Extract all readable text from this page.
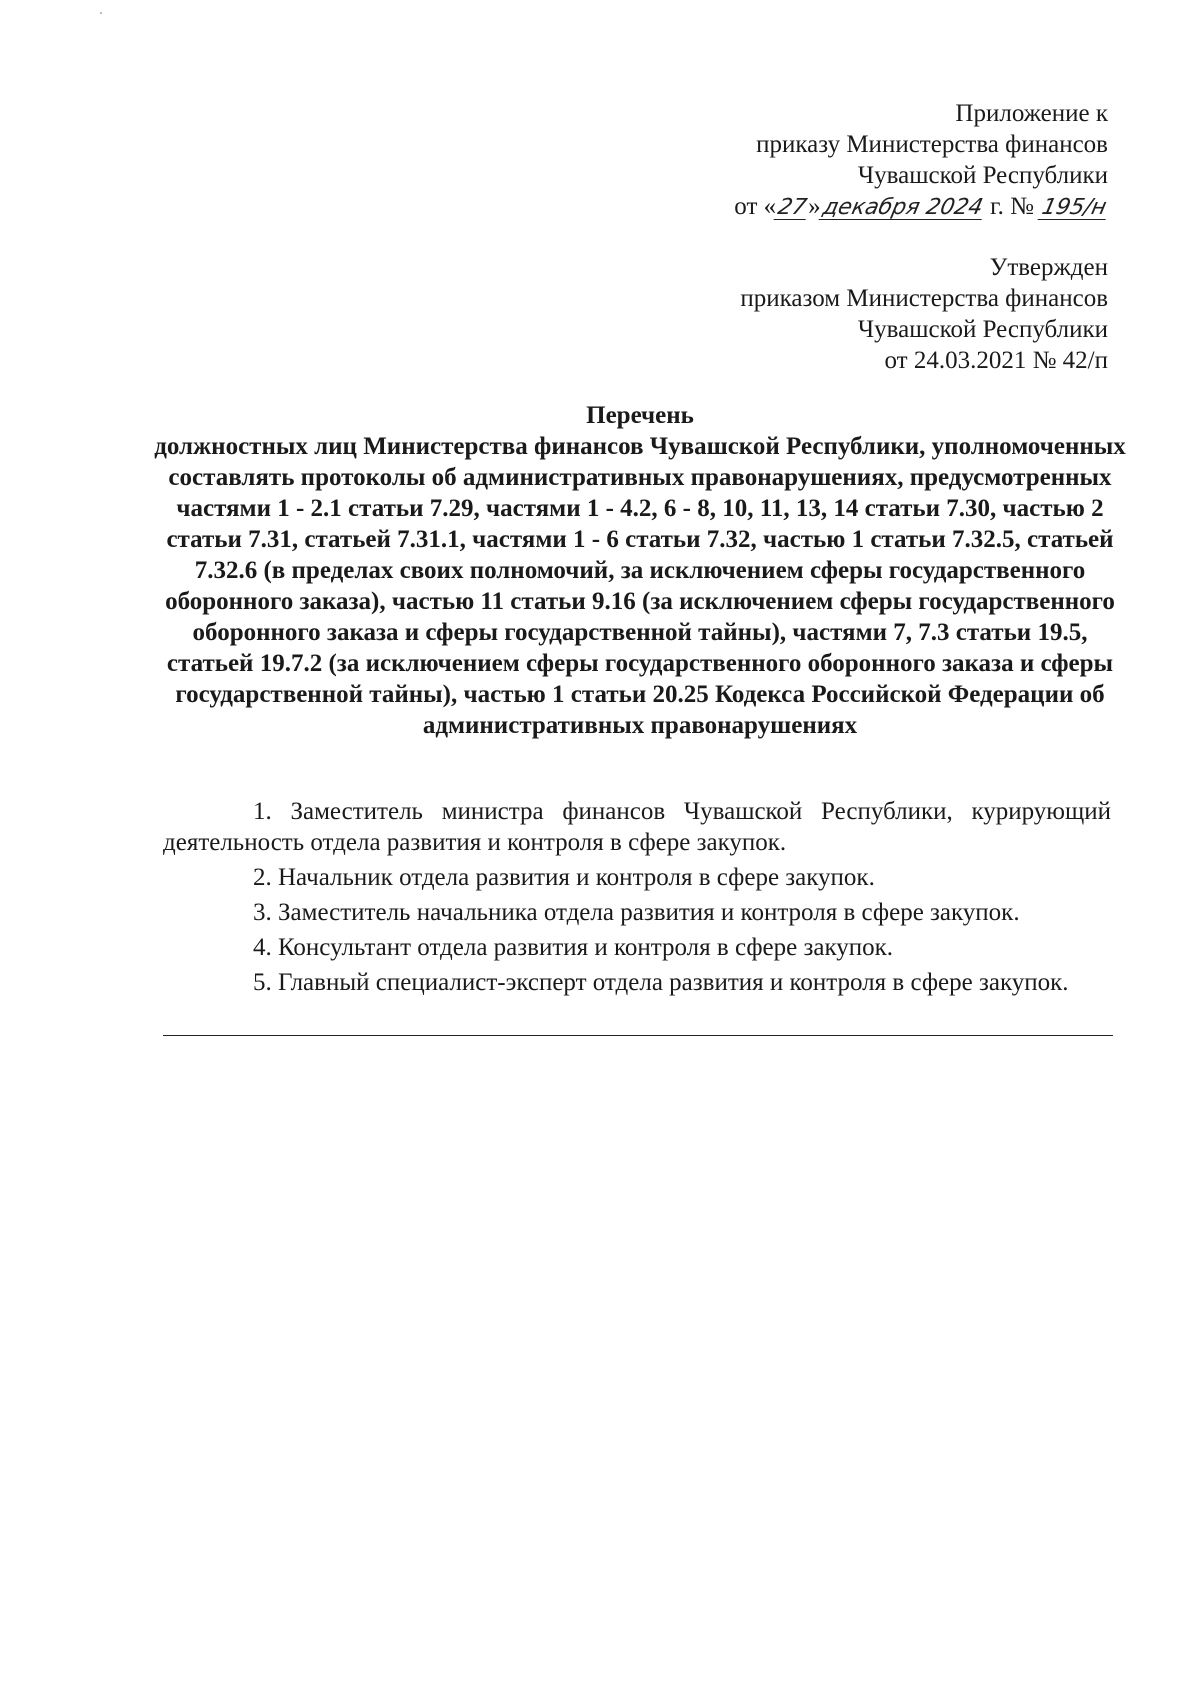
Приложение к
приказу Министерства финансов
Чувашской Республики
от «27»декабря 2024 г. № 195/н
Утвержден
приказом Министерства финансов
Чувашской Республики
от 24.03.2021 № 42/п
Перечень
должностных лиц Министерства финансов Чувашской Республики, уполномоченных составлять протоколы об административных правонарушениях, предусмотренных частями 1 - 2.1 статьи 7.29, частями 1 - 4.2, 6 - 8, 10, 11, 13, 14 статьи 7.30, частью 2 статьи 7.31, статьей 7.31.1, частями 1 - 6 статьи 7.32, частью 1 статьи 7.32.5, статьей 7.32.6 (в пределах своих полномочий, за исключением сферы государственного оборонного заказа), частью 11 статьи 9.16 (за исключением сферы государственного оборонного заказа и сферы государственной тайны), частями 7, 7.3 статьи 19.5, статьей 19.7.2 (за исключением сферы государственного оборонного заказа и сферы государственной тайны), частью 1 статьи 20.25 Кодекса Российской Федерации об административных правонарушениях

1. Заместитель министра финансов Чувашской Республики, курирующий деятельность отдела развития и контроля в сфере закупок.

2. Начальник отдела развития и контроля в сфере закупок.

3. Заместитель начальника отдела развития и контроля в сфере закупок.

4. Консультант отдела развития и контроля в сфере закупок.

5. Главный специалист-эксперт отдела развития и контроля в сфере закупок.
